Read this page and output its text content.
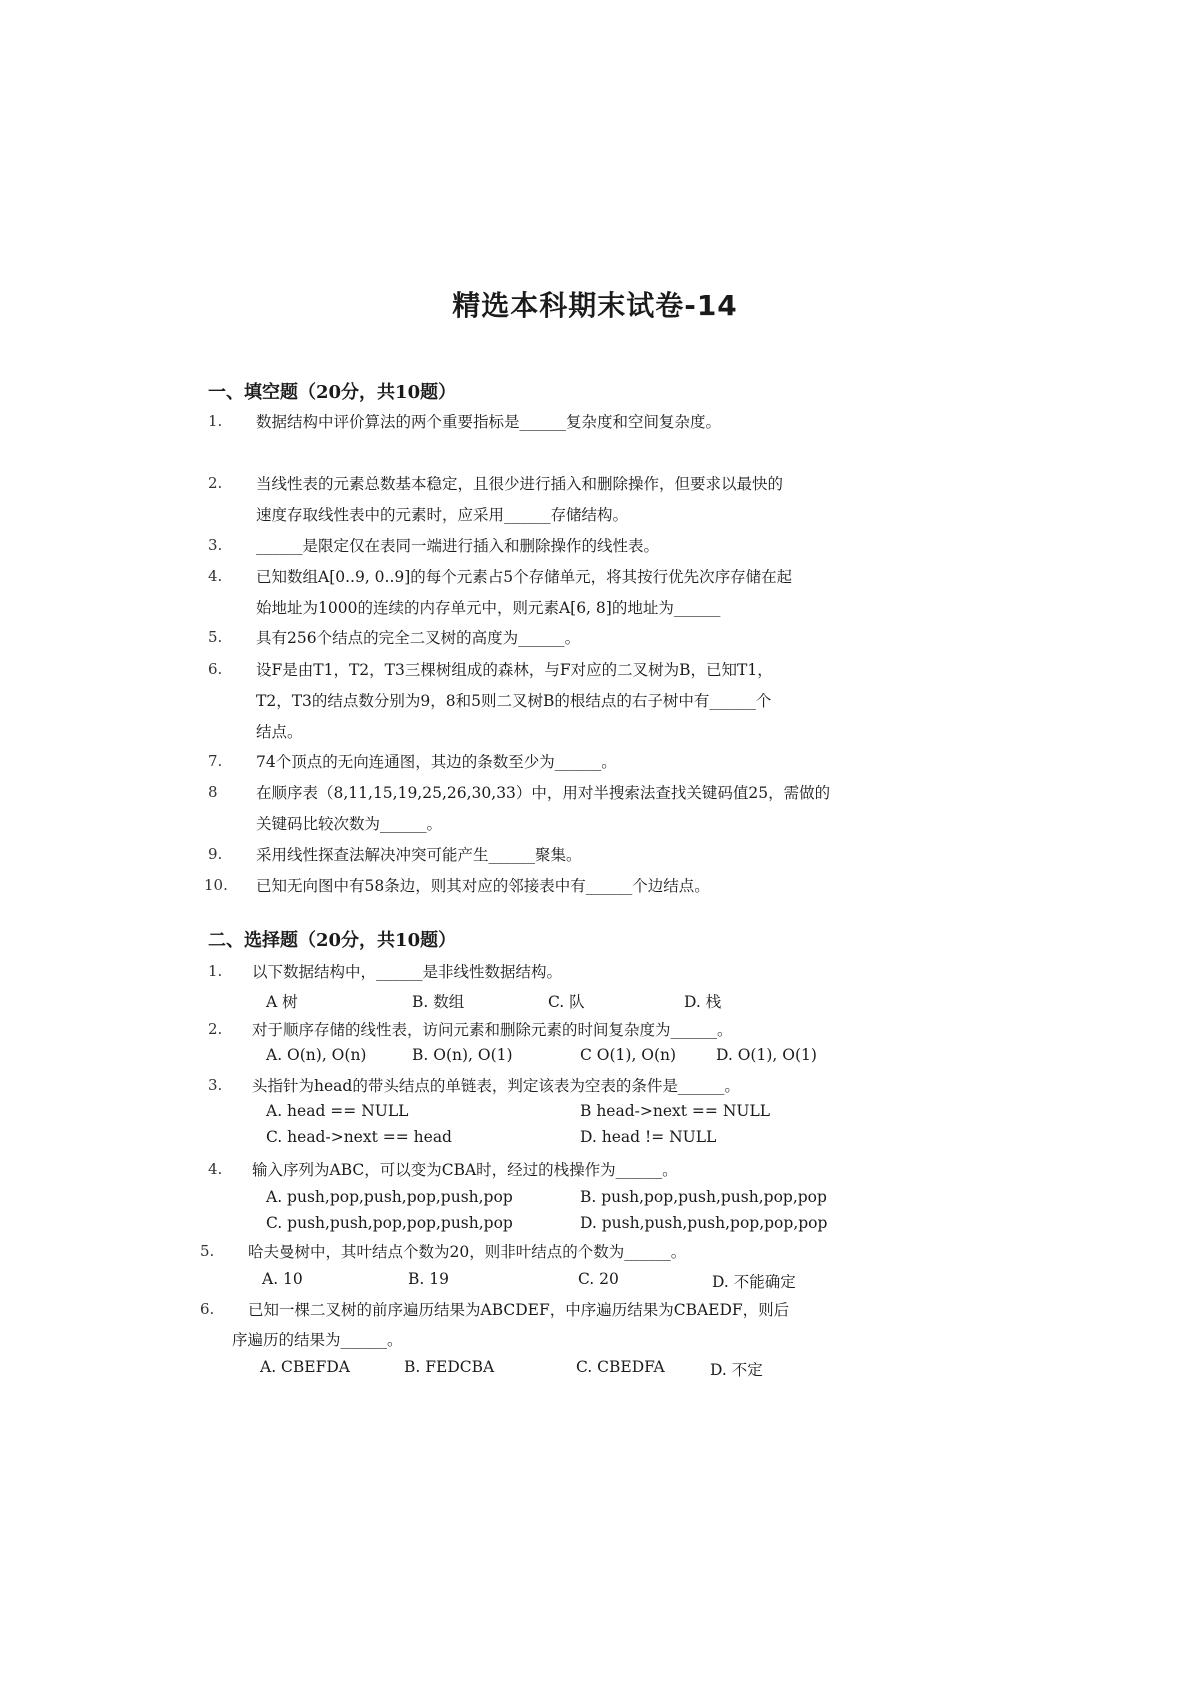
精选本科期末试卷-14
一、填空题（20分，共10题）
1. 数据结构中评价算法的两个重要指标是______复杂度和空间复杂度。
2. 当线性表的元素总数基本稳定，且很少进行插入和删除操作，但要求以最快的
速度存取线性表中的元素时，应采用______存储结构。
3. ______是限定仅在表同一端进行插入和删除操作的线性表。
4. 已知数组A[0..9, 0..9]的每个元素占5个存储单元，将其按行优先次序存储在起
始地址为1000的连续的内存单元中，则元素A[6, 8]的地址为______
5. 具有256个结点的完全二叉树的高度为______。
6. 设F是由T1，T2，T3三棵树组成的森林，与F对应的二叉树为B，已知T1，
T2，T3的结点数分别为9，8和5则二叉树B的根结点的右子树中有______个
结点。
7. 74个顶点的无向连通图，其边的条数至少为______。
8 在顺序表（8,11,15,19,25,26,30,33）中，用对半搜索法查找关键码值25，需做的
关键码比较次数为______。
9. 采用线性探查法解决冲突可能产生______聚集。
10. 已知无向图中有58条边，则其对应的邻接表中有______个边结点。
二、选择题（20分，共10题）
1. 以下数据结构中，______是非线性数据结构。
A 树	B. 数组	C. 队	D. 栈
2. 对于顺序存储的线性表，访问元素和删除元素的时间复杂度为______。
A. O(n), O(n)	B. O(n), O(1)	C O(1), O(n)	D. O(1), O(1)
3. 头指针为head的带头结点的单链表，判定该表为空表的条件是______。
A. head == NULL	B head->next == NULL
C. head->next == head	D. head != NULL
4. 输入序列为ABC，可以变为CBA时，经过的栈操作为______。
A. push,pop,push,pop,push,pop	B. push,pop,push,push,pop,pop
C. push,push,pop,pop,push,pop	D. push,push,push,pop,pop,pop
5. 哈夫曼树中，其叶结点个数为20，则非叶结点的个数为______。
A. 10	B. 19	C. 20	D. 不能确定
6. 已知一棵二叉树的前序遍历结果为ABCDEF，中序遍历结果为CBAEDF，则后
序遍历的结果为______。
A. CBEFDA	B. FEDCBA	C. CBEDFA	D. 不定
